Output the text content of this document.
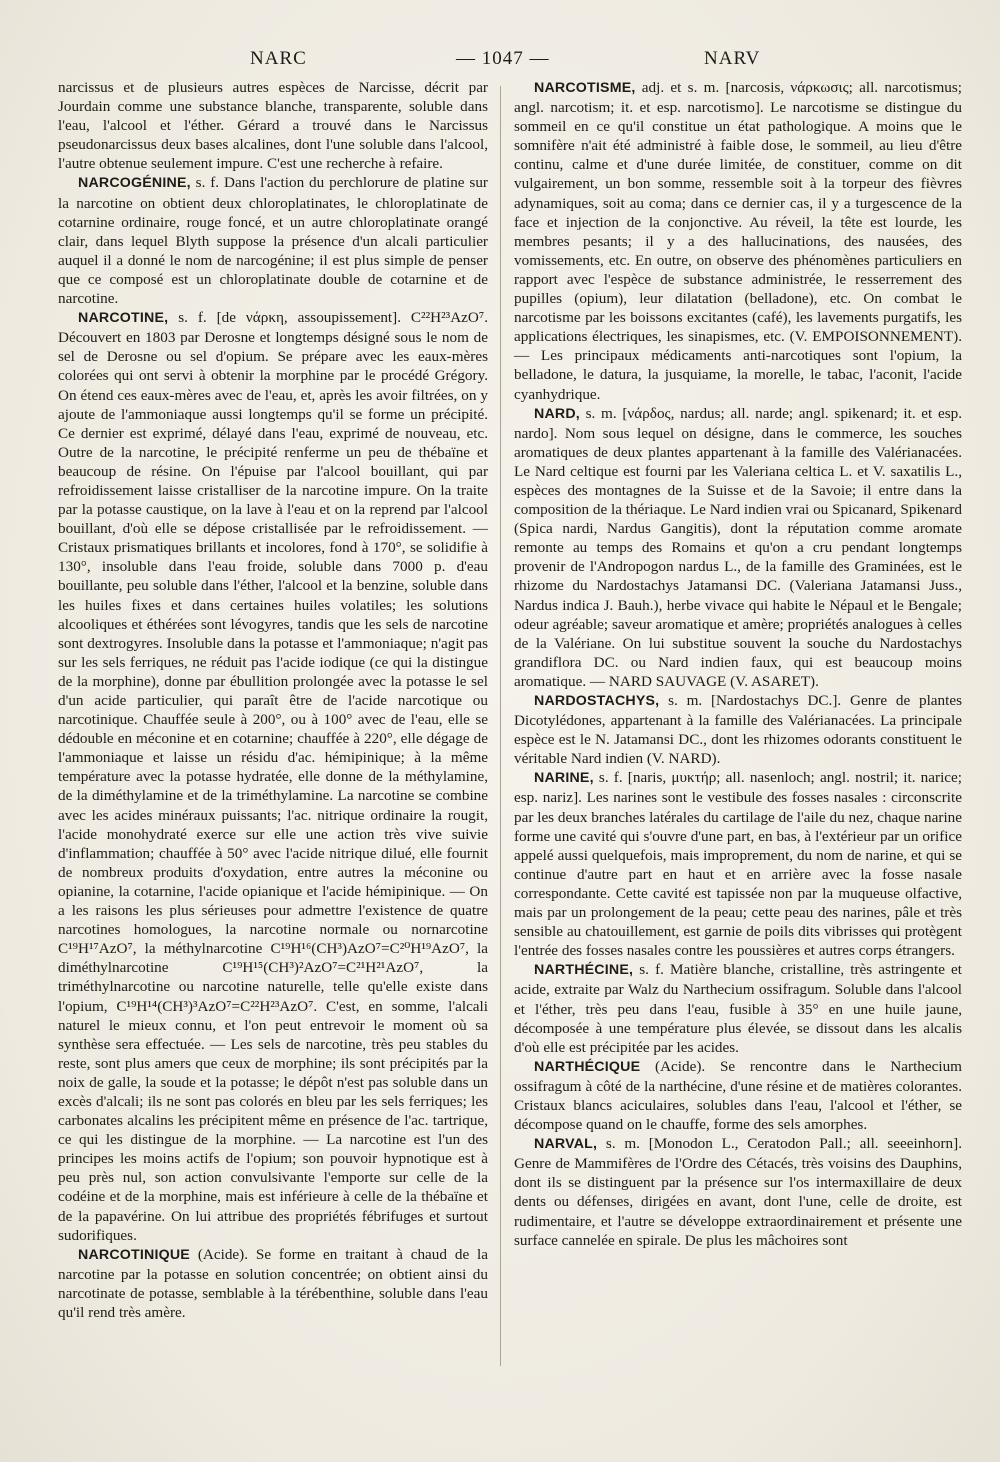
NARC	— 1047 —	NARV

narcissus et de plusieurs autres espèces de Narcisse, décrit par Jourdain comme une substance blanche, transparente, soluble dans l'eau, l'alcool et l'éther. Gérard a trouvé dans le Narcissus pseudonarcissus deux bases alcalines, dont l'une soluble dans l'alcool, l'autre obtenue seulement impure. C'est une recherche à refaire.

NARCOGÉNINE, s. f. Dans l'action du perchlorure de platine sur la narcotine on obtient deux chloroplatinates, le chloroplatinate de cotarnine ordinaire, rouge foncé, et un autre chloroplatinate orangé clair, dans lequel Blyth suppose la présence d'un alcali particulier auquel il a donné le nom de narcogénine; il est plus simple de penser que ce composé est un chloroplatinate double de cotarnine et de narcotine.

NARCOTINE, s. f. [de νάρκη, assoupissement]. C²²H²³AzO⁷. Découvert en 1803 par Derosne et longtemps désigné sous le nom de sel de Derosne ou sel d'opium. Se prépare avec les eaux-mères colorées qui ont servi à obtenir la morphine par le procédé Grégory. On étend ces eaux-mères avec de l'eau, et, après les avoir filtrées, on y ajoute de l'ammoniaque aussi longtemps qu'il se forme un précipité. Ce dernier est exprimé, délayé dans l'eau, exprimé de nouveau, etc. Outre de la narcotine, le précipité renferme un peu de thébaïne et beaucoup de résine. On l'épuise par l'alcool bouillant, qui par refroidissement laisse cristalliser de la narcotine impure. On la traite par la potasse caustique, on la lave à l'eau et on la reprend par l'alcool bouillant, d'où elle se dépose cristallisée par le refroidissement. — Cristaux prismatiques brillants et incolores, fond à 170°, se solidifie à 130°, insoluble dans l'eau froide, soluble dans 7000 p. d'eau bouillante, peu soluble dans l'éther, l'alcool et la benzine, soluble dans les huiles fixes et dans certaines huiles volatiles; les solutions alcooliques et éthérées sont lévogyres, tandis que les sels de narcotine sont dextrogyres. Insoluble dans la potasse et l'ammoniaque; n'agit pas sur les sels ferriques, ne réduit pas l'acide iodique (ce qui la distingue de la morphine), donne par ébullition prolongée avec la potasse le sel d'un acide particulier, qui paraît être de l'acide narcotique ou narcotinique. Chauffée seule à 200°, ou à 100° avec de l'eau, elle se dédouble en méconine et en cotarnine; chauffée à 220°, elle dégage de l'ammoniaque et laisse un résidu d'ac. hémipinique; à la même température avec la potasse hydratée, elle donne de la méthylamine, de la diméthylamine et de la triméthylamine. La narcotine se combine avec les acides minéraux puissants; l'ac. nitrique ordinaire la rougit, l'acide monohydraté exerce sur elle une action très vive suivie d'inflammation; chauffée à 50° avec l'acide nitrique dilué, elle fournit de nombreux produits d'oxydation, entre autres la méconine ou opianine, la cotarnine, l'acide opianique et l'acide hémipinique. — On a les raisons les plus sérieuses pour admettre l'existence de quatre narcotines homologues, la narcotine normale ou nornarcotine C¹⁹H¹⁷AzO⁷, la méthylnarcotine C¹⁹H¹⁶(CH³)AzO⁷=C²⁰H¹⁹AzO⁷, la diméthylnarcotine C¹⁹H¹⁵(CH³)²AzO⁷=C²¹H²¹AzO⁷, la triméthylnarcotine ou narcotine naturelle, telle qu'elle existe dans l'opium, C¹⁹H¹⁴(CH³)³AzO⁷=C²²H²³AzO⁷. C'est, en somme, l'alcali naturel le mieux connu, et l'on peut entrevoir le moment où sa synthèse sera effectuée. — Les sels de narcotine, très peu stables du reste, sont plus amers que ceux de morphine; ils sont précipités par la noix de galle, la soude et la potasse; le dépôt n'est pas soluble dans un excès d'alcali; ils ne sont pas colorés en bleu par les sels ferriques; les carbonates alcalins les précipitent même en présence de l'ac. tartrique, ce qui les distingue de la morphine. — La narcotine est l'un des principes les moins actifs de l'opium; son pouvoir hypnotique est à peu près nul, son action convulsivante l'emporte sur celle de la codéine et de la morphine, mais est inférieure à celle de la thébaïne et de la papavérine. On lui attribue des propriétés fébrifuges et surtout sudorifiques.

NARCOTINIQUE (Acide). Se forme en traitant à chaud de la narcotine par la potasse en solution concentrée; on obtient ainsi du narcotinate de potasse, semblable à la térébenthine, soluble dans l'eau qu'il rend très amère.

NARCOTISME, adj. et s. m. [narcosis, νάρκωσις; all. narcotismus; angl. narcotism; it. et esp. narcotismo]. Le narcotisme se distingue du sommeil en ce qu'il constitue un état pathologique. A moins que le somnifère n'ait été administré à faible dose, le sommeil, au lieu d'être continu, calme et d'une durée limitée, de constituer, comme on dit vulgairement, un bon somme, ressemble soit à la torpeur des fièvres adynamiques, soit au coma; dans ce dernier cas, il y a turgescence de la face et injection de la conjonctive. Au réveil, la tête est lourde, les membres pesants; il y a des hallucinations, des nausées, des vomissements, etc. En outre, on observe des phénomènes particuliers en rapport avec l'espèce de substance administrée, le resserrement des pupilles (opium), leur dilatation (belladone), etc. On combat le narcotisme par les boissons excitantes (café), les lavements purgatifs, les applications électriques, les sinapismes, etc. (V. EMPOISONNEMENT). — Les principaux médicaments anti-narcotiques sont l'opium, la belladone, le datura, la jusquiame, la morelle, le tabac, l'aconit, l'acide cyanhydrique.

NARD, s. m. [νάρδος, nardus; all. narde; angl. spikenard; it. et esp. nardo]. Nom sous lequel on désigne, dans le commerce, les souches aromatiques de deux plantes appartenant à la famille des Valérianacées. Le Nard celtique est fourni par les Valeriana celtica L. et V. saxatilis L., espèces des montagnes de la Suisse et de la Savoie; il entre dans la composition de la thériaque. Le Nard indien vrai ou Spicanard, Spikenard (Spica nardi, Nardus Gangitis), dont la réputation comme aromate remonte au temps des Romains et qu'on a cru pendant longtemps provenir de l'Andropogon nardus L., de la famille des Graminées, est le rhizome du Nardostachys Jatamansi DC. (Valeriana Jatamansi Juss., Nardus indica J. Bauh.), herbe vivace qui habite le Népaul et le Bengale; odeur agréable; saveur aromatique et amère; propriétés analogues à celles de la Valériane. On lui substitue souvent la souche du Nardostachys grandiflora DC. ou Nard indien faux, qui est beaucoup moins aromatique. — NARD SAUVAGE (V. ASARET).

NARDOSTACHYS, s. m. [Nardostachys DC.]. Genre de plantes Dicotylédones, appartenant à la famille des Valérianacées. La principale espèce est le N. Jatamansi DC., dont les rhizomes odorants constituent le véritable Nard indien (V. NARD).

NARINE, s. f. [naris, μυκτήρ; all. nasenloch; angl. nostril; it. narice; esp. nariz]. Les narines sont le vestibule des fosses nasales : circonscrite par les deux branches latérales du cartilage de l'aile du nez, chaque narine forme une cavité qui s'ouvre d'une part, en bas, à l'extérieur par un orifice appelé aussi quelquefois, mais improprement, du nom de narine, et qui se continue d'autre part en haut et en arrière avec la fosse nasale correspondante. Cette cavité est tapissée non par la muqueuse olfactive, mais par un prolongement de la peau; cette peau des narines, pâle et très sensible au chatouillement, est garnie de poils dits vibrisses qui protègent l'entrée des fosses nasales contre les poussières et autres corps étrangers.

NARTHÉCINE, s. f. Matière blanche, cristalline, très astringente et acide, extraite par Walz du Narthecium ossifragum. Soluble dans l'alcool et l'éther, très peu dans l'eau, fusible à 35° en une huile jaune, décomposée à une température plus élevée, se dissout dans les alcalis d'où elle est précipitée par les acides.

NARTHÉCIQUE (Acide). Se rencontre dans le Narthecium ossifragum à côté de la narthécine, d'une résine et de matières colorantes. Cristaux blancs aciculaires, solubles dans l'eau, l'alcool et l'éther, se décompose quand on le chauffe, forme des sels amorphes.

NARVAL, s. m. [Monodon L., Ceratodon Pall.; all. seeeinhorn]. Genre de Mammifères de l'Ordre des Cétacés, très voisins des Dauphins, dont ils se distinguent par la présence sur l'os intermaxillaire de deux dents ou défenses, dirigées en avant, dont l'une, celle de droite, est rudimentaire, et l'autre se développe extraordinairement et présente une surface cannelée en spirale. De plus les mâchoires sont
